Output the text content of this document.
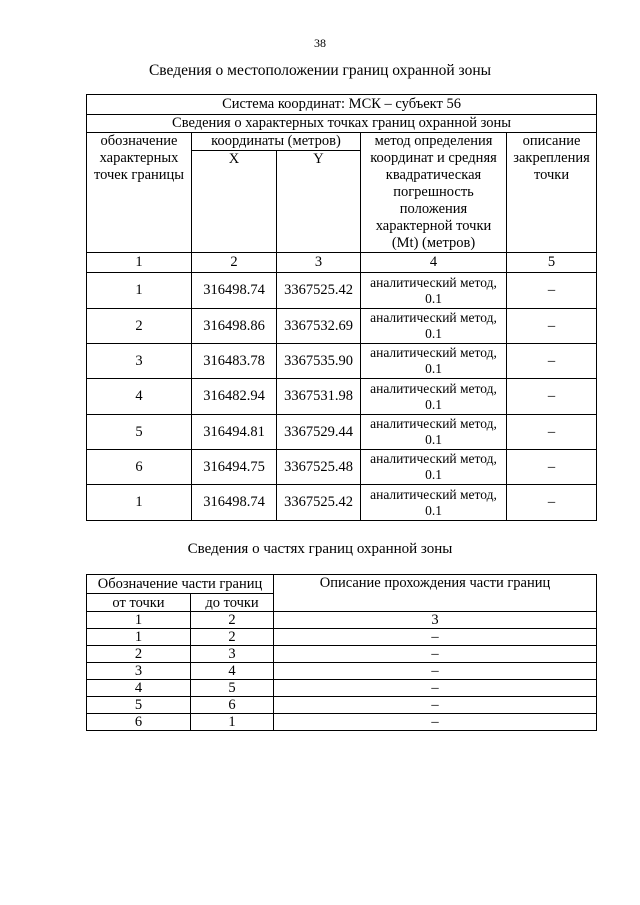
38
Сведения о местоположении границ охранной зоны
Система координат: МСК – субъект 56				
Сведения о характерных точках границ охранной зоны				
обозначение характерных точек границы	координаты (метров)		метод определения координат и средняя квадратическая погрешность положения характерной точки (Mt) (метров)	описание закрепления точки
	X	Y		
1	2	3	4	5
1	316498.74	3367525.42	аналитический метод, 0.1	–
2	316498.86	3367532.69	аналитический метод, 0.1	–
3	316483.78	3367535.90	аналитический метод, 0.1	–
4	316482.94	3367531.98	аналитический метод, 0.1	–
5	316494.81	3367529.44	аналитический метод, 0.1	–
6	316494.75	3367525.48	аналитический метод, 0.1	–
1	316498.74	3367525.42	аналитический метод, 0.1	–
Сведения о частях границ охранной зоны
Обозначение части границ		Описание прохождения части границ
от точки	до точки	
1	2	3
1	2	–
2	3	–
3	4	–
4	5	–
5	6	–
6	1	–
